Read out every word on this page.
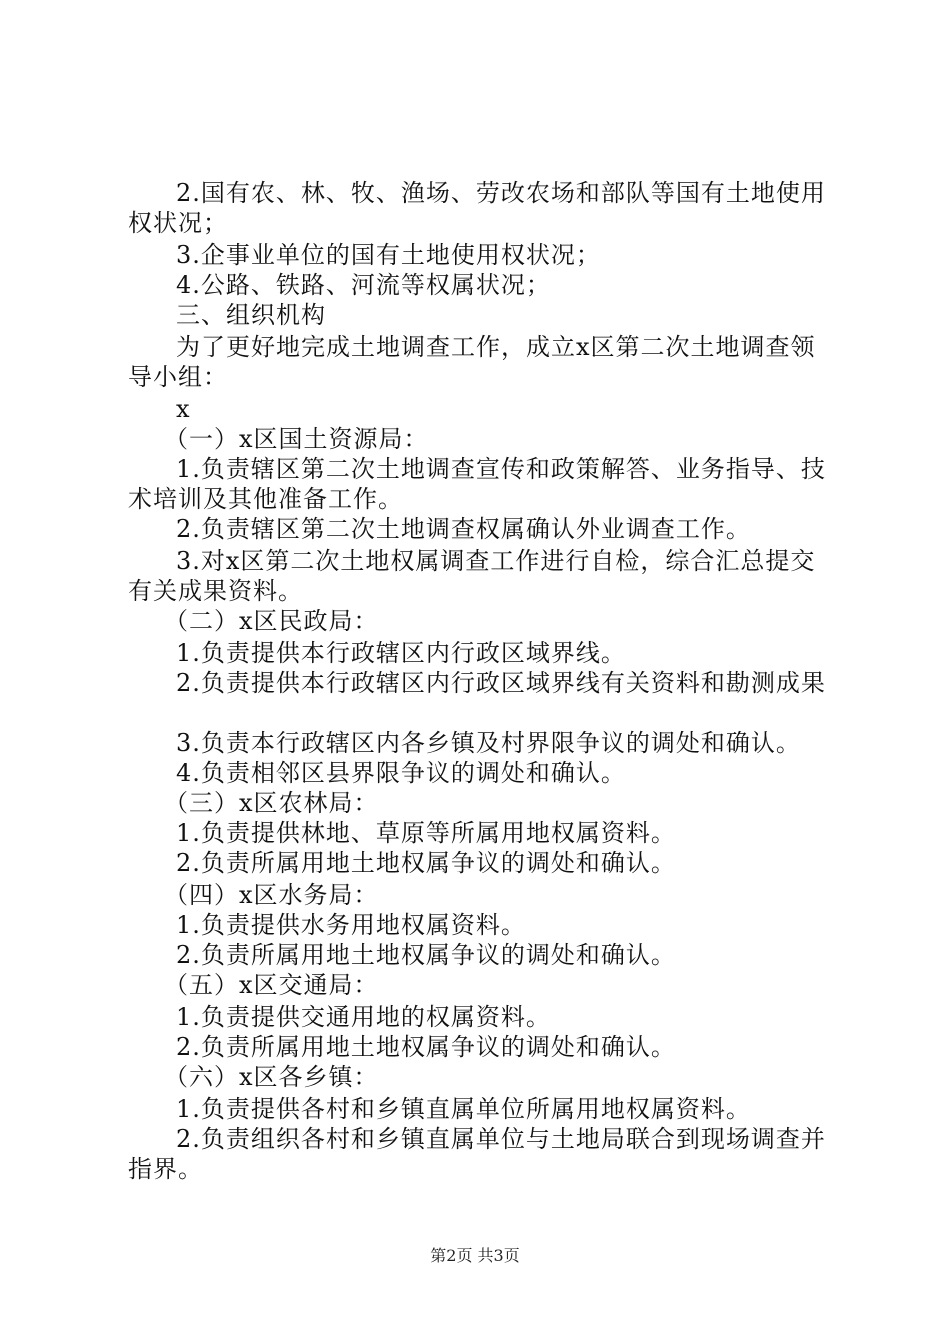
2.国有农、林、牧、渔场、劳改农场和部队等国有土地使用

权状况；

3.企事业单位的国有土地使用权状况；

4.公路、铁路、河流等权属状况；

三、组织机构

为了更好地完成土地调查工作，成立x区第二次土地调查领

导小组：

x

（一）x区国土资源局：

1.负责辖区第二次土地调查宣传和政策解答、业务指导、技

术培训及其他准备工作。

2.负责辖区第二次土地调查权属确认外业调查工作。

3.对x区第二次土地权属调查工作进行自检，综合汇总提交

有关成果资料。

（二）x区民政局：

1.负责提供本行政辖区内行政区域界线。

2.负责提供本行政辖区内行政区域界线有关资料和勘测成果

3.负责本行政辖区内各乡镇及村界限争议的调处和确认。

4.负责相邻区县界限争议的调处和确认。

（三）x区农林局：

1.负责提供林地、草原等所属用地权属资料。

2.负责所属用地土地权属争议的调处和确认。

（四）x区水务局：

1.负责提供水务用地权属资料。

2.负责所属用地土地权属争议的调处和确认。

（五）x区交通局：

1.负责提供交通用地的权属资料。

2.负责所属用地土地权属争议的调处和确认。

（六）x区各乡镇：

1.负责提供各村和乡镇直属单位所属用地权属资料。

2.负责组织各村和乡镇直属单位与土地局联合到现场调查并

指界。

第2页 共3页
